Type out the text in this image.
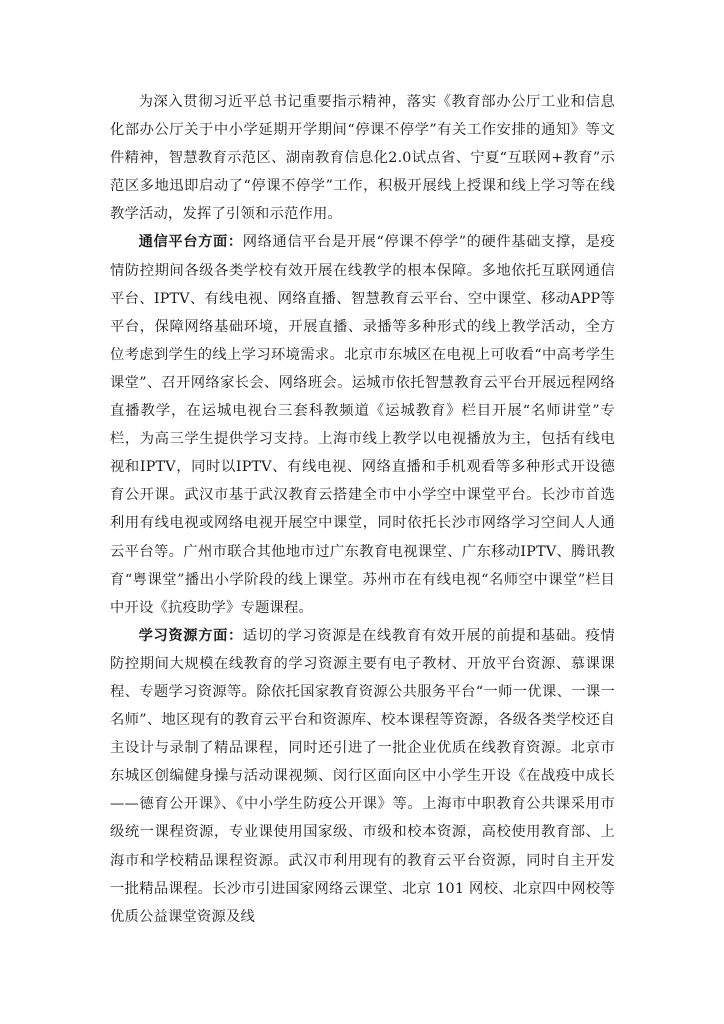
为深入贯彻习近平总书记重要指示精神，落实《教育部办公厅工业和信息化部办公厅关于中小学延期开学期间“停课不停学”有关工作安排的通知》等文件精神，智慧教育示范区、湖南教育信息化2.0试点省、宁夏“互联网+教育”示范区多地迅即启动了“停课不停学”工作，积极开展线上授课和线上学习等在线教学活动，发挥了引领和示范作用。

通信平台方面：网络通信平台是开展“停课不停学”的硬件基础支撑，是疫情防控期间各级各类学校有效开展在线教学的根本保障。多地依托互联网通信平台、IPTV、有线电视、网络直播、智慧教育云平台、空中课堂、移动APP等平台，保障网络基础环境，开展直播、录播等多种形式的线上教学活动，全方位考虑到学生的线上学习环境需求。北京市东城区在电视上可收看“中高考学生课堂”、召开网络家长会、网络班会。运城市依托智慧教育云平台开展远程网络直播教学，在运城电视台三套科教频道《运城教育》栏目开展“名师讲堂”专栏，为高三学生提供学习支持。上海市线上教学以电视播放为主，包括有线电视和IPTV，同时以IPTV、有线电视、网络直播和手机观看等多种形式开设德育公开课。武汉市基于武汉教育云搭建全市中小学空中课堂平台。长沙市首选利用有线电视或网络电视开展空中课堂，同时依托长沙市网络学习空间人人通云平台等。广州市联合其他地市过广东教育电视课堂、广东移动IPTV、腾讯教育“粤课堂”播出小学阶段的线上课堂。苏州市在有线电视“名师空中课堂”栏目中开设《抗疫助学》专题课程。

学习资源方面：适切的学习资源是在线教育有效开展的前提和基础。疫情防控期间大规模在线教育的学习资源主要有电子教材、开放平台资源、慕课课程、专题学习资源等。除依托国家教育资源公共服务平台“一师一优课、一课一名师”、地区现有的教育云平台和资源库、校本课程等资源，各级各类学校还自主设计与录制了精品课程，同时还引进了一批企业优质在线教育资源。北京市东城区创编健身操与活动课视频、闵行区面向区中小学生开设《在战疫中成长——德育公开课》、《中小学生防疫公开课》等。上海市中职教育公共课采用市级统一课程资源，专业课使用国家级、市级和校本资源，高校使用教育部、上海市和学校精品课程资源。武汉市利用现有的教育云平台资源，同时自主开发一批精品课程。长沙市引进国家网络云课堂、北京 101 网校、北京四中网校等优质公益课堂资源及线
